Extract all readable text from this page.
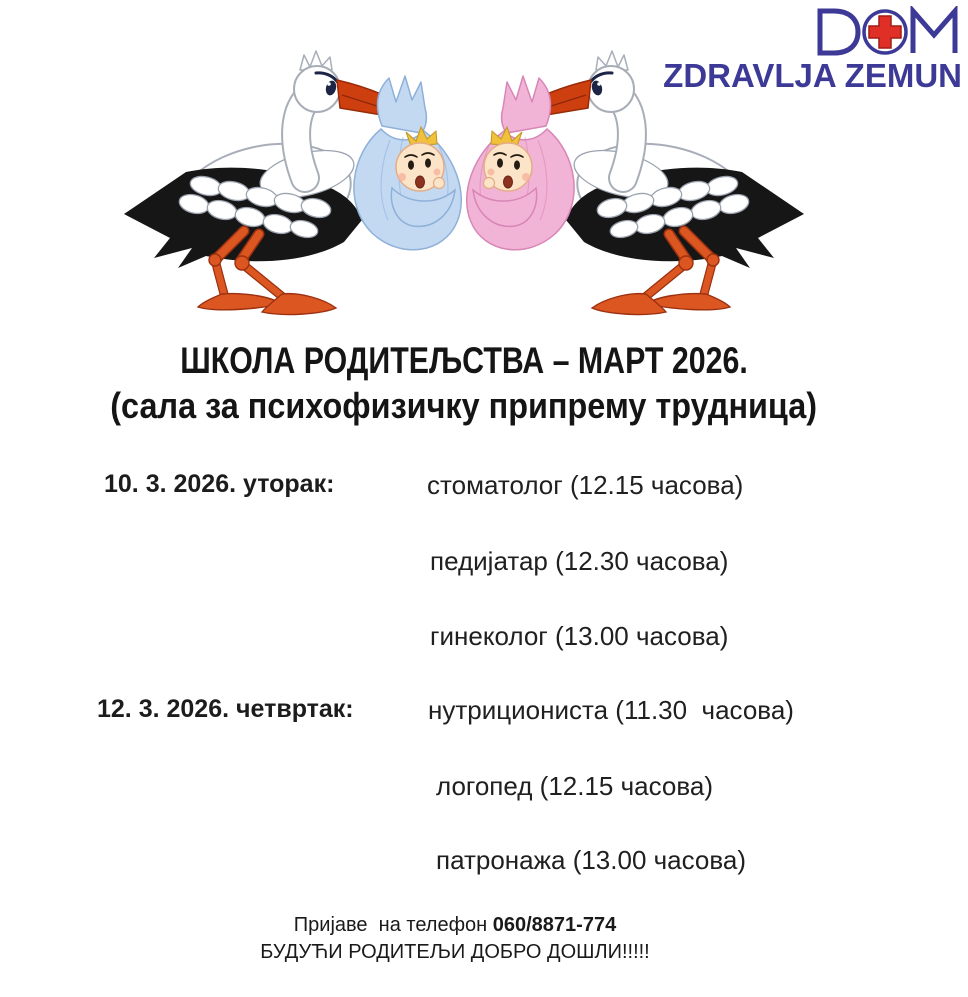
ZDRAVLJA ZEMUN
ШКОЛА РОДИТЕЉСТВА – МАРТ 2026.
(сала за психофизичку припрему трудница)
10. 3. 2026. уторак:	стоматолог (12.15 часова)
педијатар (12.30 часова)
гинеколог (13.00 часова)
12. 3. 2026. четвртак:	нутрициониста (11.30  часова)
логопед (12.15 часова)
патронажа (13.00 часова)
Пријаве  на телефон 060/8871-774
БУДУЋИ РОДИТЕЉИ ДОБРО ДОШЛИ!!!!!
